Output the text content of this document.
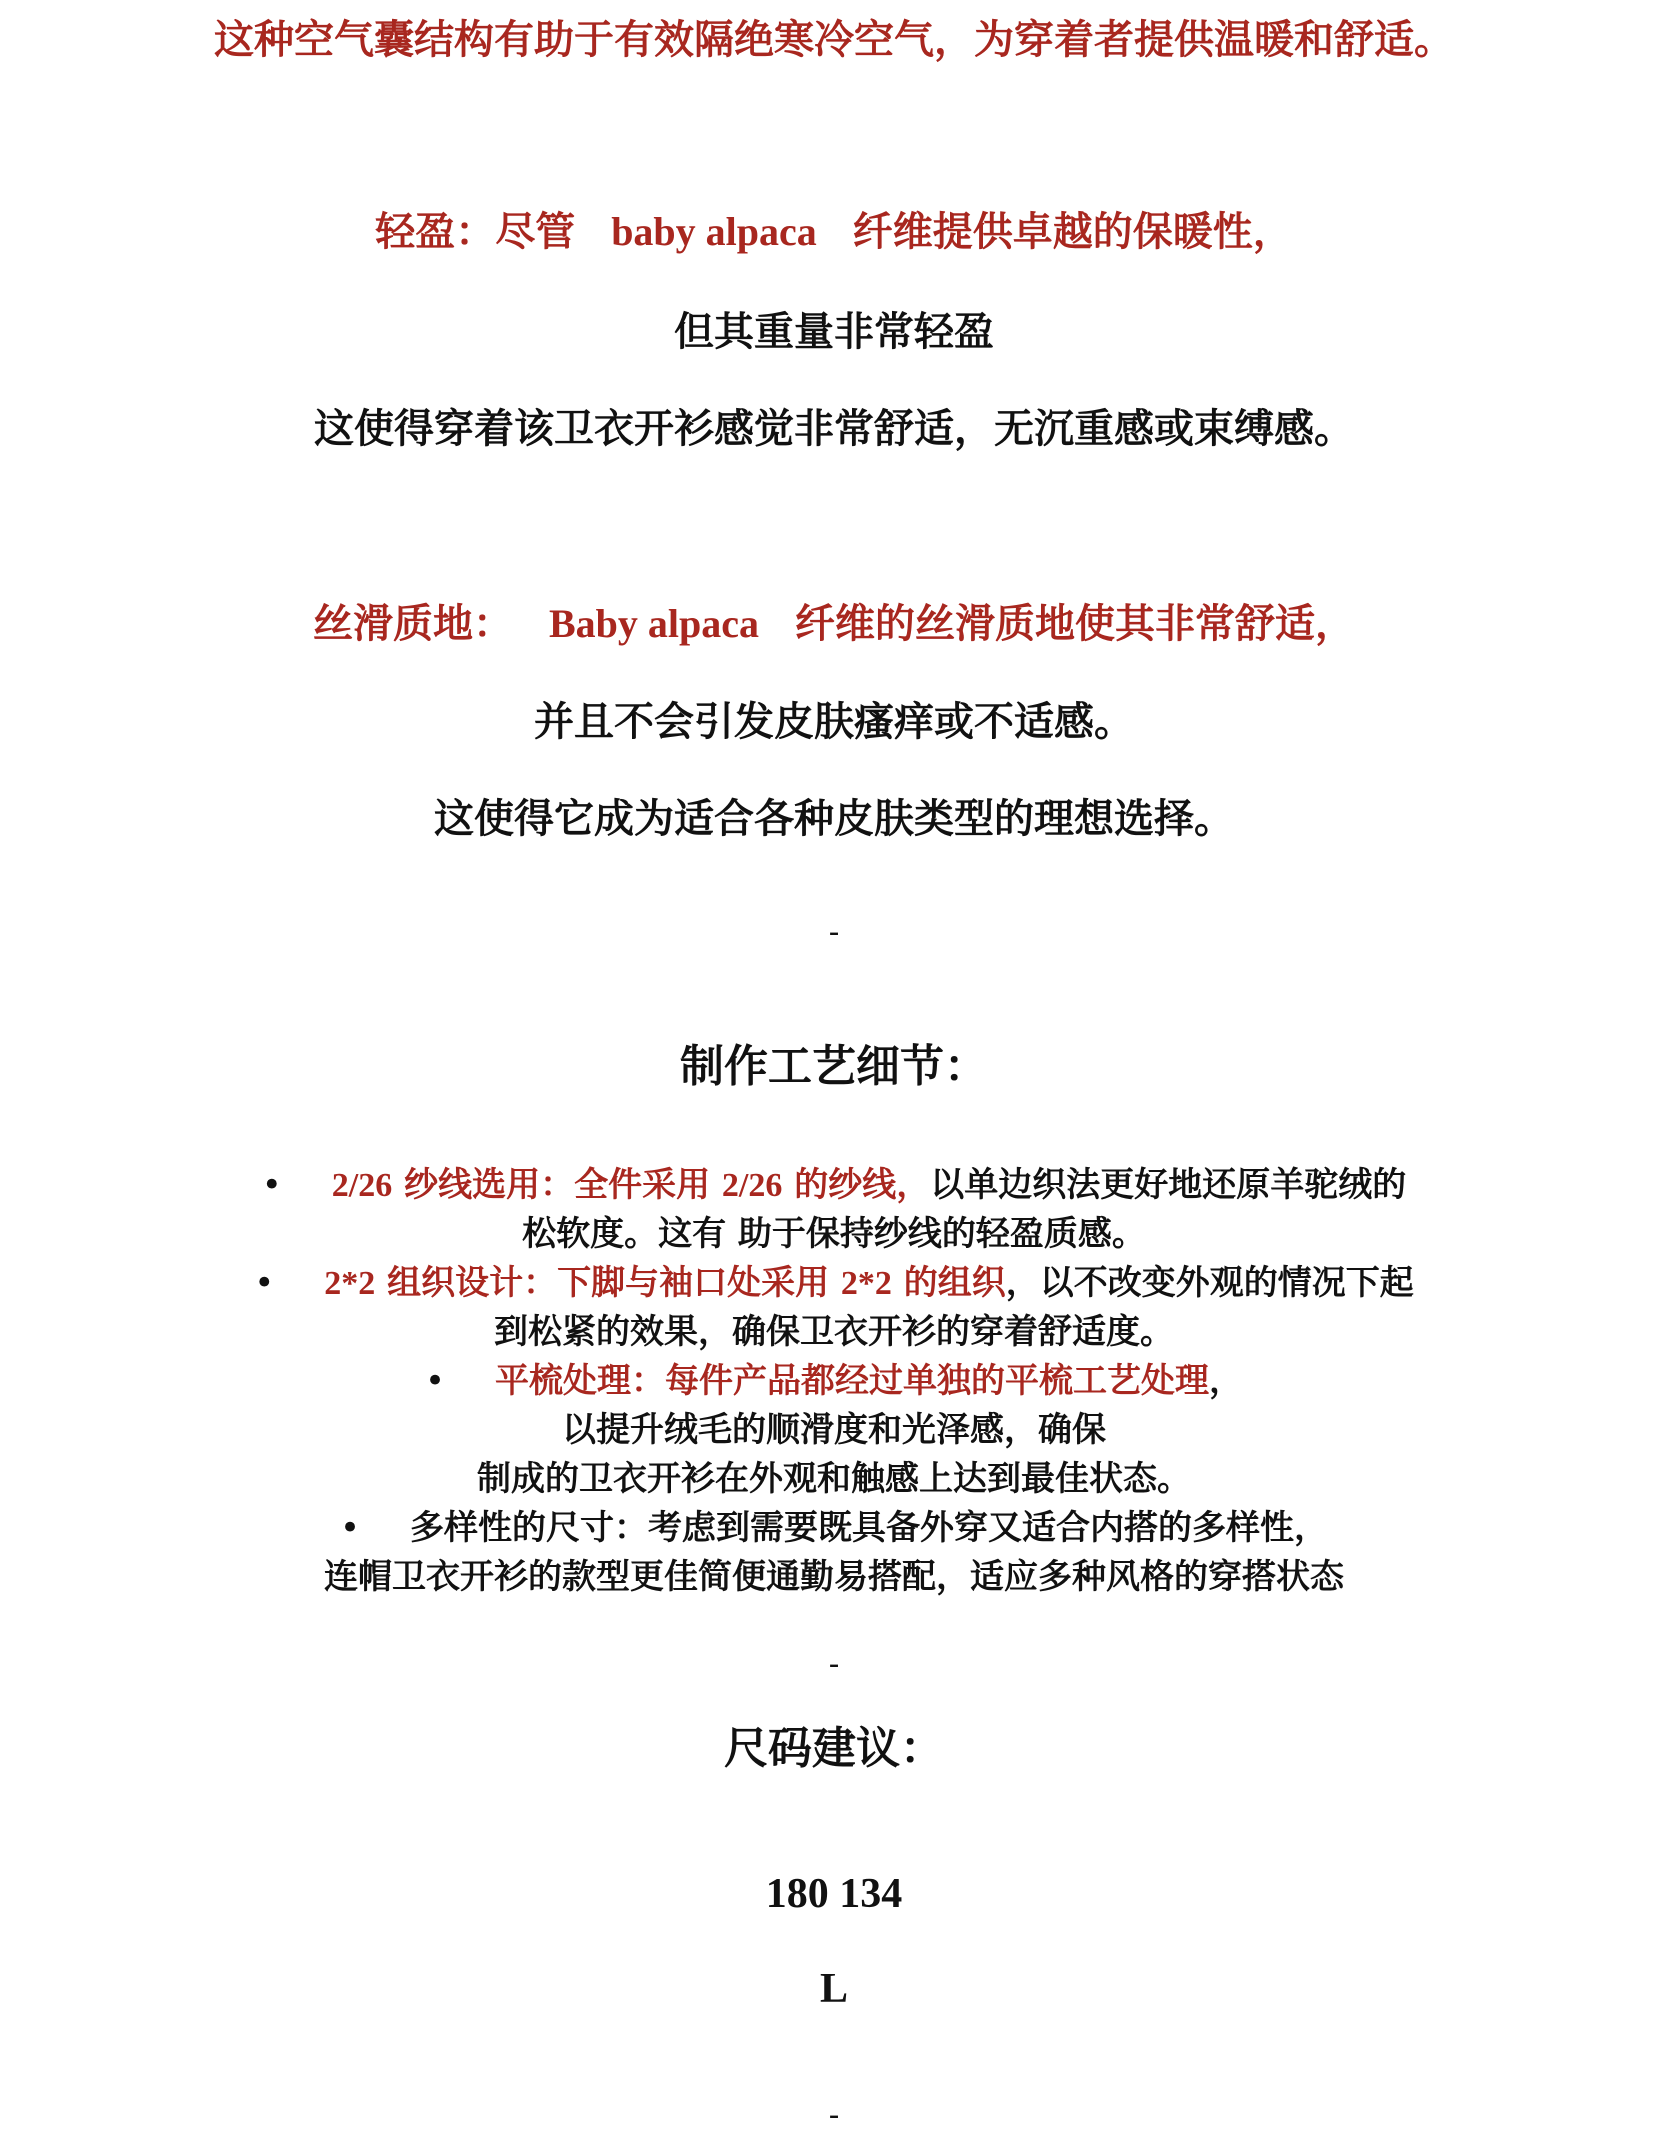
这种空气囊结构有助于有效隔绝寒冷空气，为穿着者提供温暖和舒适。
轻盈：尽管 baby alpaca 纤维提供卓越的保暖性，
但其重量非常轻盈
这使得穿着该卫衣开衫感觉非常舒适，无沉重感或束缚感。
丝滑质地： Baby alpaca 纤维的丝滑质地使其非常舒适，
并且不会引发皮肤瘙痒或不适感。
这使得它成为适合各种皮肤类型的理想选择。
-
制作工艺细节：
• 2/26 纱线选用：全件采用 2/26 的纱线，以单边织法更好地还原羊驼绒的
松软度。这有 助于保持纱线的轻盈质感。
• 2*2 组织设计：下脚与袖口处采用 2*2 的组织，以不改变外观的情况下起
到松紧的效果，确保卫衣开衫的穿着舒适度。
• 平梳处理：每件产品都经过单独的平梳工艺处理，
以提升绒毛的顺滑度和光泽感，确保
制成的卫衣开衫在外观和触感上达到最佳状态。
• 多样性的尺寸：考虑到需要既具备外穿又适合内搭的多样性，
连帽卫衣开衫的款型更佳简便通勤易搭配，适应多种风格的穿搭状态
-
尺码建议：
180 134
L
-
